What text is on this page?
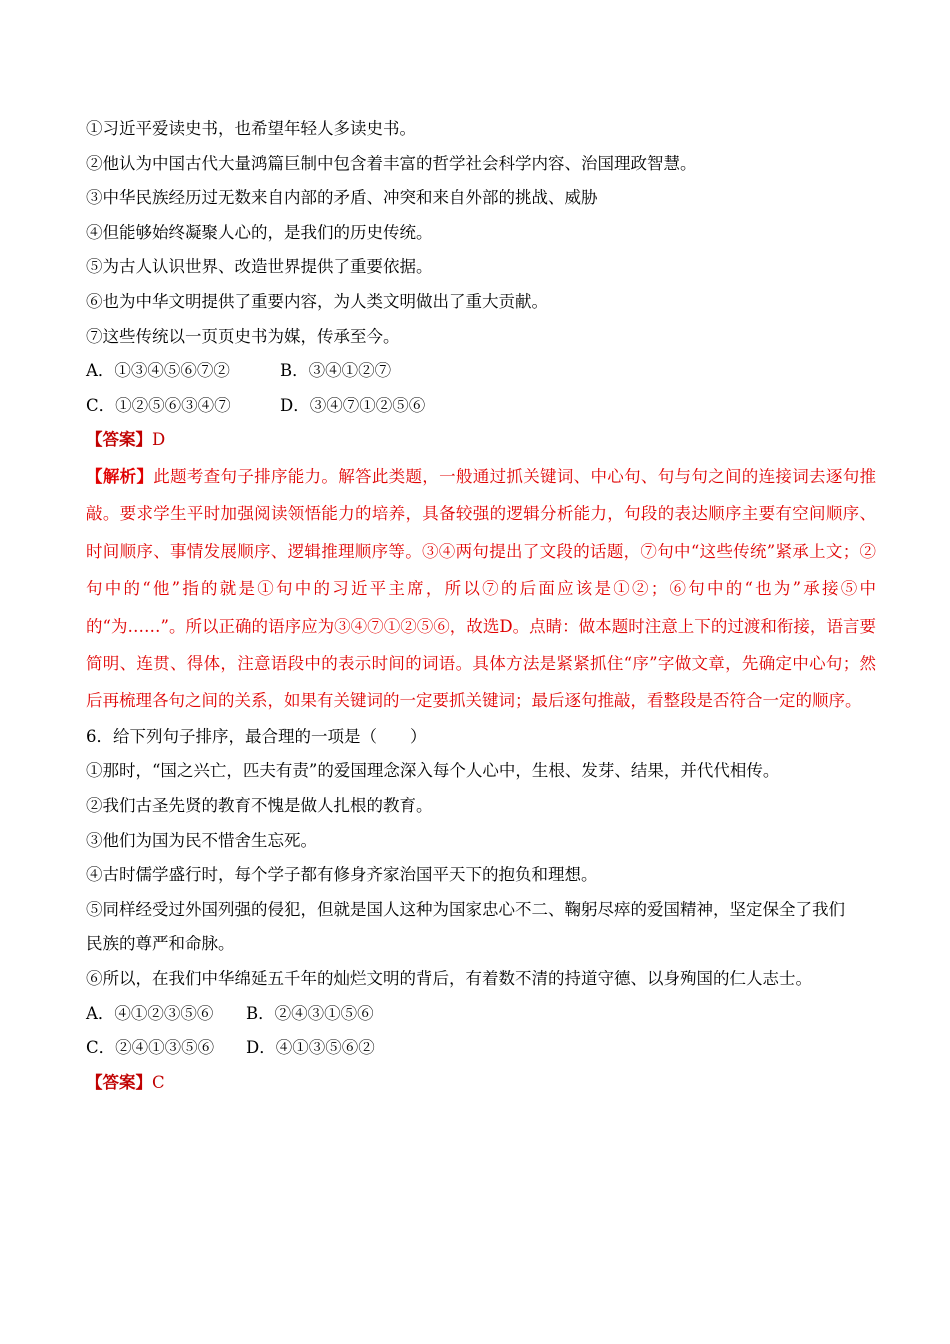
①习近平爱读史书，也希望年轻人多读史书。
②他认为中国古代大量鸿篇巨制中包含着丰富的哲学社会科学内容、治国理政智慧。
③中华民族经历过无数来自内部的矛盾、冲突和来自外部的挑战、威胁
④但能够始终凝聚人心的，是我们的历史传统。
⑤为古人认识世界、改造世界提供了重要依据。
⑥也为中华文明提供了重要内容，为人类文明做出了重大贡献。
⑦这些传统以一页页史书为媒，传承至今。
A．①③④⑤⑥⑦②	B．③④①②⑦
C．①②⑤⑥③④⑦	D．③④⑦①②⑤⑥
【答案】D
【解析】此题考查句子排序能力。解答此类题，一般通过抓关键词、中心句、句与句之间的连接词去逐句推敲。要求学生平时加强阅读领悟能力的培养，具备较强的逻辑分析能力，句段的表达顺序主要有空间顺序、时间顺序、事情发展顺序、逻辑推理顺序等。③④两句提出了文段的话题，⑦句中“这些传统”紧承上文；②句中的“他”指的就是①句中的习近平主席，所以⑦的后面应该是①②；⑥句中的“也为”承接⑤中的“为……”。所以正确的语序应为③④⑦①②⑤⑥，故选D。点睛：做本题时注意上下的过渡和衔接，语言要简明、连贯、得体，注意语段中的表示时间的词语。具体方法是紧紧抓住“序”字做文章，先确定中心句；然后再梳理各句之间的关系，如果有关键词的一定要抓关键词；最后逐句推敲，看整段是否符合一定的顺序。
6．给下列句子排序，最合理的一项是（　　）
①那时，“国之兴亡，匹夫有责”的爱国理念深入每个人心中，生根、发芽、结果，并代代相传。
②我们古圣先贤的教育不愧是做人扎根的教育。
③他们为国为民不惜舍生忘死。
④古时儒学盛行时，每个学子都有修身齐家治国平天下的抱负和理想。
⑤同样经受过外国列强的侵犯，但就是国人这种为国家忠心不二、鞠躬尽瘁的爱国精神，坚定保全了我们
民族的尊严和命脉。
⑥所以，在我们中华绵延五千年的灿烂文明的背后，有着数不清的持道守德、以身殉国的仁人志士。
A．④①②③⑤⑥	B．②④③①⑤⑥
C．②④①③⑤⑥	D．④①③⑤⑥②
【答案】C
